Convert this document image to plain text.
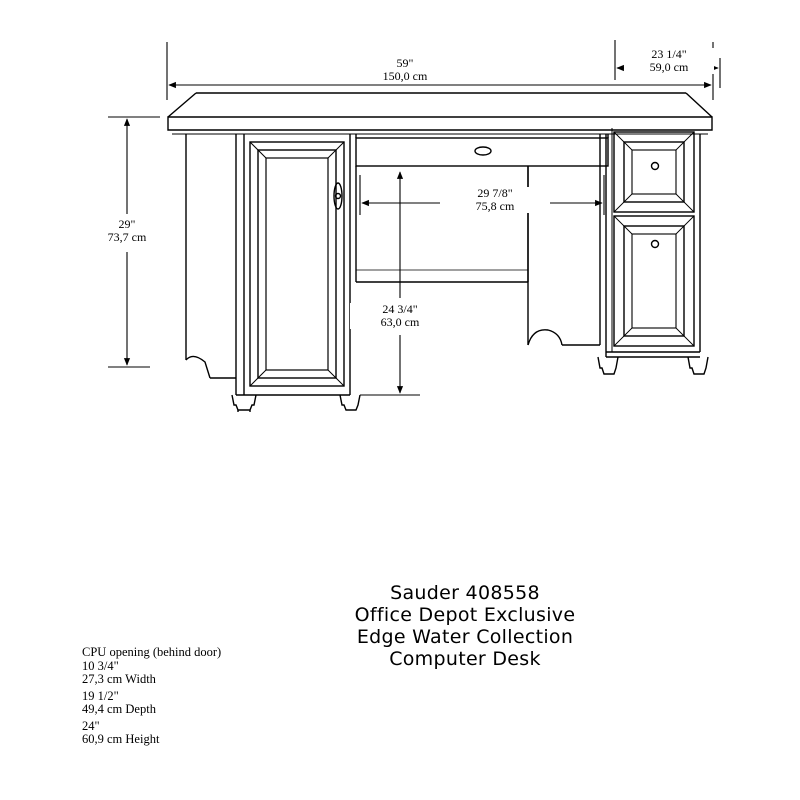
59"
150,0 cm
23 1/4"
59,0 cm
29"
73,7 cm
29 7/8"
75,8 cm
24 3/4"
63,0 cm
Sauder 408558
Office Depot Exclusive
Edge Water Collection
Computer Desk
CPU opening (behind door)
10 3/4"
27,3 cm Width
19 1/2"
49,4 cm Depth
24"
60,9 cm Height
